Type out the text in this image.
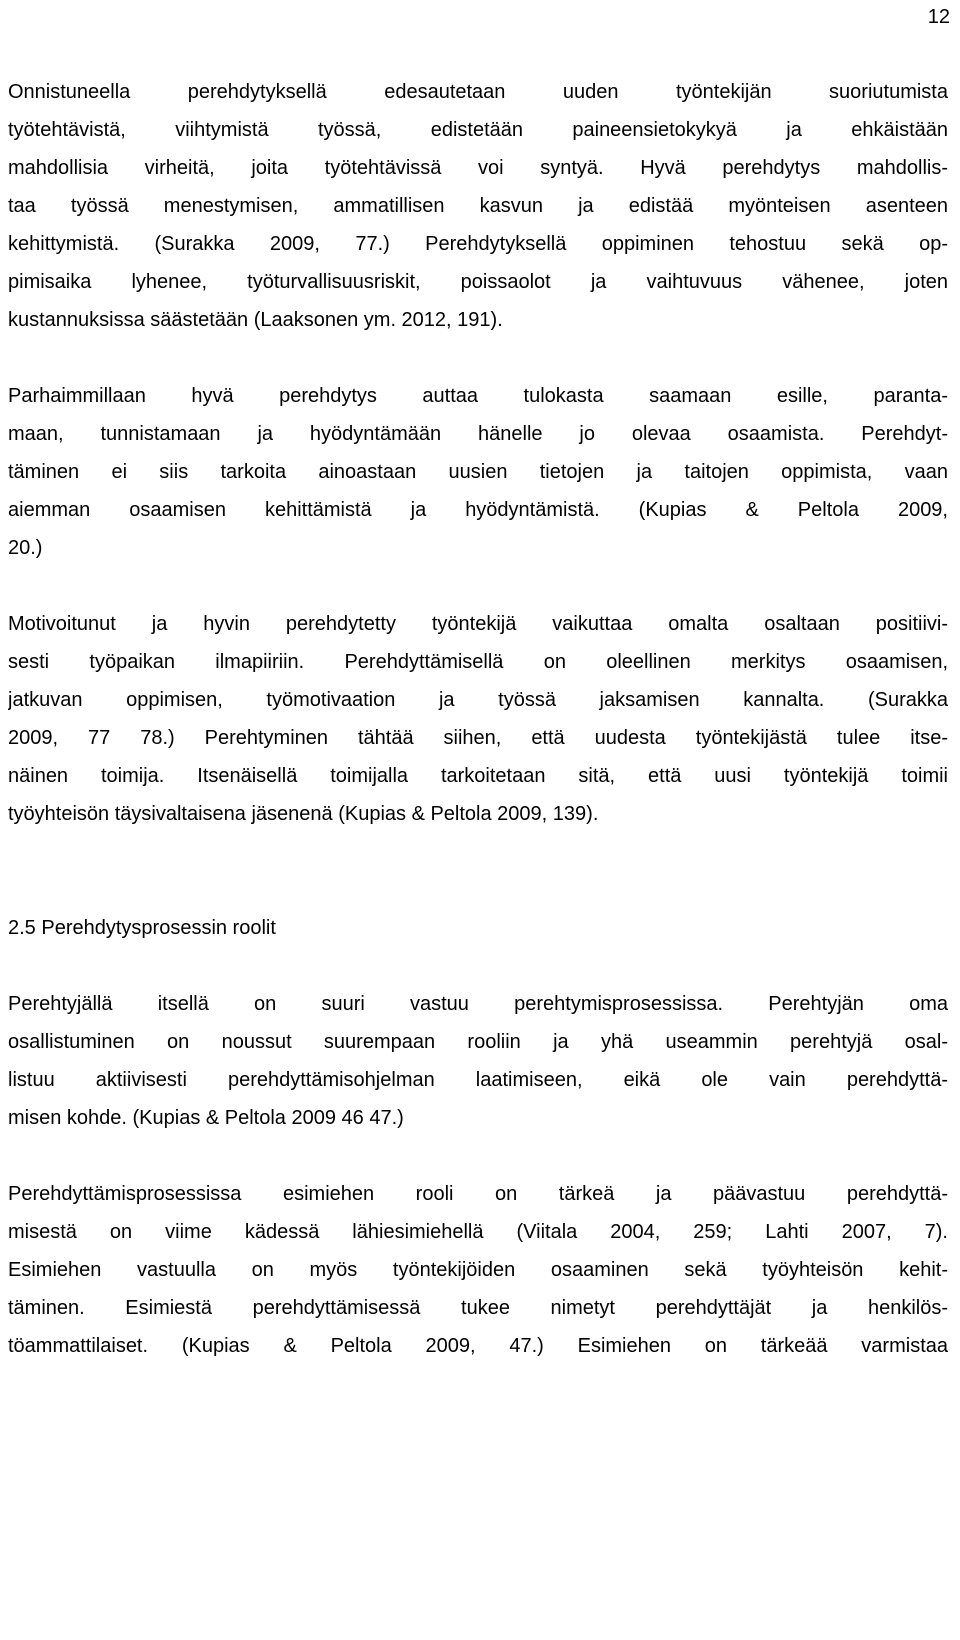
12
Onnistuneella perehdytyksellä edesautetaan uuden työntekijän suoriutumista
työtehtävistä, viihtymistä työssä, edistetään paineensietokykyä ja ehkäistään
mahdollisia virheitä, joita työtehtävissä voi syntyä. Hyvä perehdytys mahdollis-
taa työssä menestymisen, ammatillisen kasvun ja edistää myönteisen asenteen
kehittymistä. (Surakka 2009, 77.) Perehdytyksellä oppiminen tehostuu sekä op-
pimisaika lyhenee, työturvallisuusriskit, poissaolot ja vaihtuvuus vähenee, joten
kustannuksissa säästetään (Laaksonen ym. 2012, 191).
Parhaimmillaan hyvä perehdytys auttaa tulokasta saamaan esille, paranta-
maan, tunnistamaan ja hyödyntämään hänelle jo olevaa osaamista. Perehdyt-
täminen ei siis tarkoita ainoastaan uusien tietojen ja taitojen oppimista, vaan
aiemman osaamisen kehittämistä ja hyödyntämistä. (Kupias & Peltola 2009,
20.)
Motivoitunut ja hyvin perehdytetty työntekijä vaikuttaa omalta osaltaan positiivi-
sesti työpaikan ilmapiiriin. Perehdyttämisellä on oleellinen merkitys osaamisen,
jatkuvan oppimisen, työmotivaation ja työssä jaksamisen kannalta. (Surakka
2009, 77 78.) Perehtyminen tähtää siihen, että uudesta työntekijästä tulee itse-
näinen toimija. Itsenäisellä toimijalla tarkoitetaan sitä, että uusi työntekijä toimii
työyhteisön täysivaltaisena jäsenenä (Kupias & Peltola 2009, 139).
2.5 Perehdytysprosessin roolit
Perehtyjällä itsellä on suuri vastuu perehtymisprosessissa. Perehtyjän oma
osallistuminen on noussut suurempaan rooliin ja yhä useammin perehtyjä osal-
listuu aktiivisesti perehdyttämisohjelman laatimiseen, eikä ole vain perehdyttä-
misen kohde. (Kupias & Peltola 2009 46 47.)
Perehdyttämisprosessissa esimiehen rooli on tärkeä ja päävastuu perehdyttä-
misestä on viime kädessä lähiesimiehellä (Viitala 2004, 259; Lahti 2007, 7).
Esimiehen vastuulla on myös työntekijöiden osaaminen sekä työyhteisön kehit-
täminen. Esimiestä perehdyttämisessä tukee nimetyt perehdyttäjät ja henkilös-
töammattilaiset. (Kupias & Peltola 2009, 47.) Esimiehen on tärkeää varmistaa
